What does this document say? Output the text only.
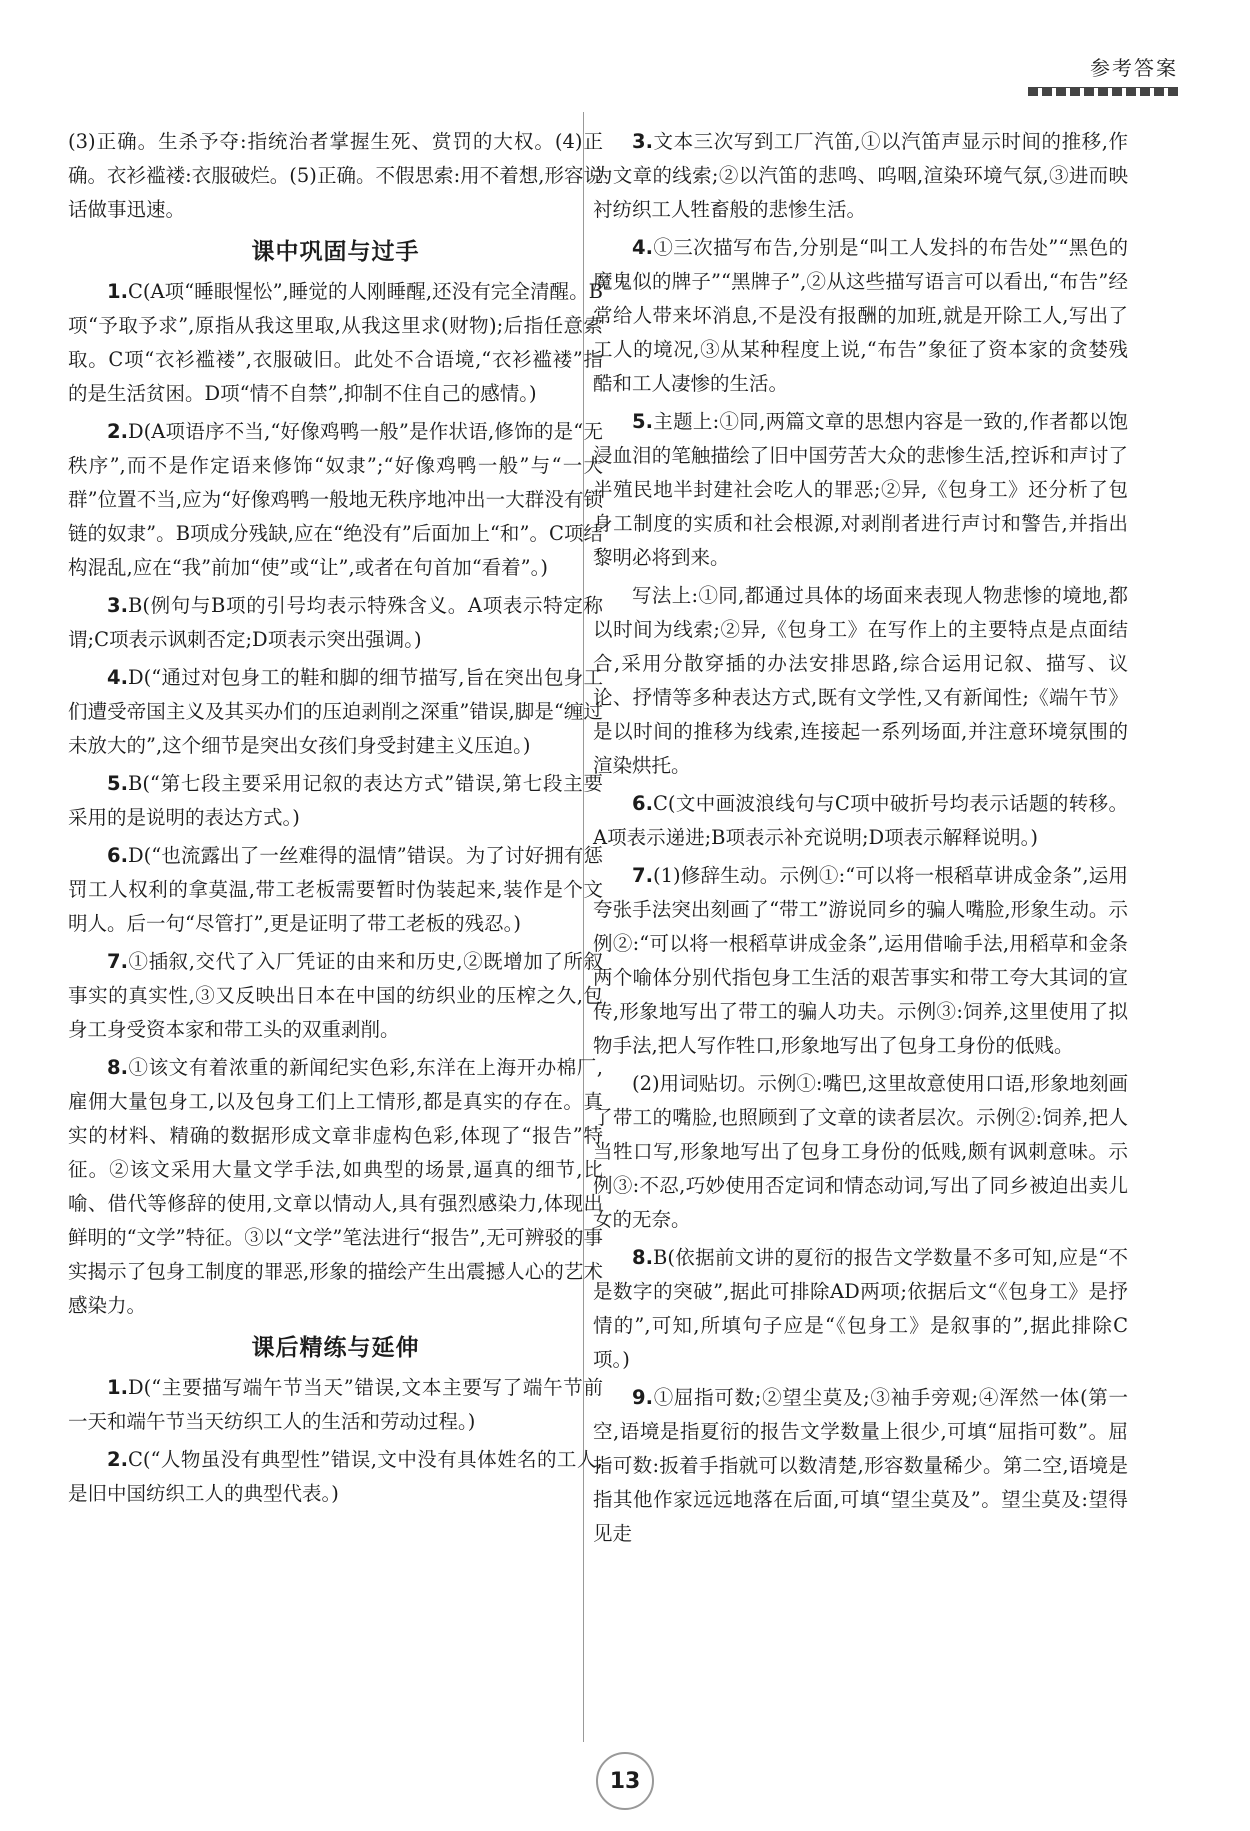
参考答案

(3)正确。生杀予夺:指统治者掌握生死、赏罚的大权。(4)正确。衣衫褴褛:衣服破烂。(5)正确。不假思索:用不着想,形容说话做事迅速。

课中巩固与过手

1.C(A项“睡眼惺忪”,睡觉的人刚睡醒,还没有完全清醒。B项“予取予求”,原指从我这里取,从我这里求(财物);后指任意索取。C项“衣衫褴褛”,衣服破旧。此处不合语境,“衣衫褴褛”指的是生活贫困。D项“情不自禁”,抑制不住自己的感情。)

2.D(A项语序不当,“好像鸡鸭一般”是作状语,修饰的是“无秩序”,而不是作定语来修饰“奴隶”;“好像鸡鸭一般”与“一大群”位置不当,应为“好像鸡鸭一般地无秩序地冲出一大群没有锁链的奴隶”。B项成分残缺,应在“绝没有”后面加上“和”。C项结构混乱,应在“我”前加“使”或“让”,或者在句首加“看着”。)

3.B(例句与B项的引号均表示特殊含义。A项表示特定称谓;C项表示讽刺否定;D项表示突出强调。)

4.D(“通过对包身工的鞋和脚的细节描写,旨在突出包身工们遭受帝国主义及其买办们的压迫剥削之深重”错误,脚是“缠过未放大的”,这个细节是突出女孩们身受封建主义压迫。)

5.B(“第七段主要采用记叙的表达方式”错误,第七段主要采用的是说明的表达方式。)

6.D(“也流露出了一丝难得的温情”错误。为了讨好拥有惩罚工人权利的拿莫温,带工老板需要暂时伪装起来,装作是个文明人。后一句“尽管打”,更是证明了带工老板的残忍。)

7.①插叙,交代了入厂凭证的由来和历史,②既增加了所叙事实的真实性,③又反映出日本在中国的纺织业的压榨之久,包身工身受资本家和带工头的双重剥削。

8.①该文有着浓重的新闻纪实色彩,东洋在上海开办棉厂,雇佣大量包身工,以及包身工们上工情形,都是真实的存在。真实的材料、精确的数据形成文章非虚构色彩,体现了“报告”特征。②该文采用大量文学手法,如典型的场景,逼真的细节,比喻、借代等修辞的使用,文章以情动人,具有强烈感染力,体现出鲜明的“文学”特征。③以“文学”笔法进行“报告”,无可辨驳的事实揭示了包身工制度的罪恶,形象的描绘产生出震撼人心的艺术感染力。

课后精练与延伸

1.D(“主要描写端午节当天”错误,文本主要写了端午节前一天和端午节当天纺织工人的生活和劳动过程。)

2.C(“人物虽没有典型性”错误,文中没有具体姓名的工人,是旧中国纺织工人的典型代表。)

3.文本三次写到工厂汽笛,①以汽笛声显示时间的推移,作为文章的线索;②以汽笛的悲鸣、呜咽,渲染环境气氛,③进而映衬纺织工人牲畜般的悲惨生活。

4.①三次描写布告,分别是“叫工人发抖的布告处”“黑色的魔鬼似的牌子”“黑牌子”,②从这些描写语言可以看出,“布告”经常给人带来坏消息,不是没有报酬的加班,就是开除工人,写出了工人的境况,③从某种程度上说,“布告”象征了资本家的贪婪残酷和工人凄惨的生活。

5.主题上:①同,两篇文章的思想内容是一致的,作者都以饱浸血泪的笔触描绘了旧中国劳苦大众的悲惨生活,控诉和声讨了半殖民地半封建社会吃人的罪恶;②异,《包身工》还分析了包身工制度的实质和社会根源,对剥削者进行声讨和警告,并指出黎明必将到来。

写法上:①同,都通过具体的场面来表现人物悲惨的境地,都以时间为线索;②异,《包身工》在写作上的主要特点是点面结合,采用分散穿插的办法安排思路,综合运用记叙、描写、议论、抒情等多种表达方式,既有文学性,又有新闻性;《端午节》是以时间的推移为线索,连接起一系列场面,并注意环境氛围的渲染烘托。

6.C(文中画波浪线句与C项中破折号均表示话题的转移。A项表示递进;B项表示补充说明;D项表示解释说明。)

7.(1)修辞生动。示例①:“可以将一根稻草讲成金条”,运用夸张手法突出刻画了“带工”游说同乡的骗人嘴脸,形象生动。示例②:“可以将一根稻草讲成金条”,运用借喻手法,用稻草和金条两个喻体分别代指包身工生活的艰苦事实和带工夸大其词的宣传,形象地写出了带工的骗人功夫。示例③:饲养,这里使用了拟物手法,把人写作牲口,形象地写出了包身工身份的低贱。

(2)用词贴切。示例①:嘴巴,这里故意使用口语,形象地刻画了带工的嘴脸,也照顾到了文章的读者层次。示例②:饲养,把人当牲口写,形象地写出了包身工身份的低贱,颇有讽刺意味。示例③:不忍,巧妙使用否定词和情态动词,写出了同乡被迫出卖儿女的无奈。

8.B(依据前文讲的夏衍的报告文学数量不多可知,应是“不是数字的突破”,据此可排除AD两项;依据后文“《包身工》是抒情的”,可知,所填句子应是“《包身工》是叙事的”,据此排除C项。)

9.①屈指可数;②望尘莫及;③袖手旁观;④浑然一体(第一空,语境是指夏衍的报告文学数量上很少,可填“屈指可数”。屈指可数:扳着手指就可以数清楚,形容数量稀少。第二空,语境是指其他作家远远地落在后面,可填“望尘莫及”。望尘莫及:望得见走

13
